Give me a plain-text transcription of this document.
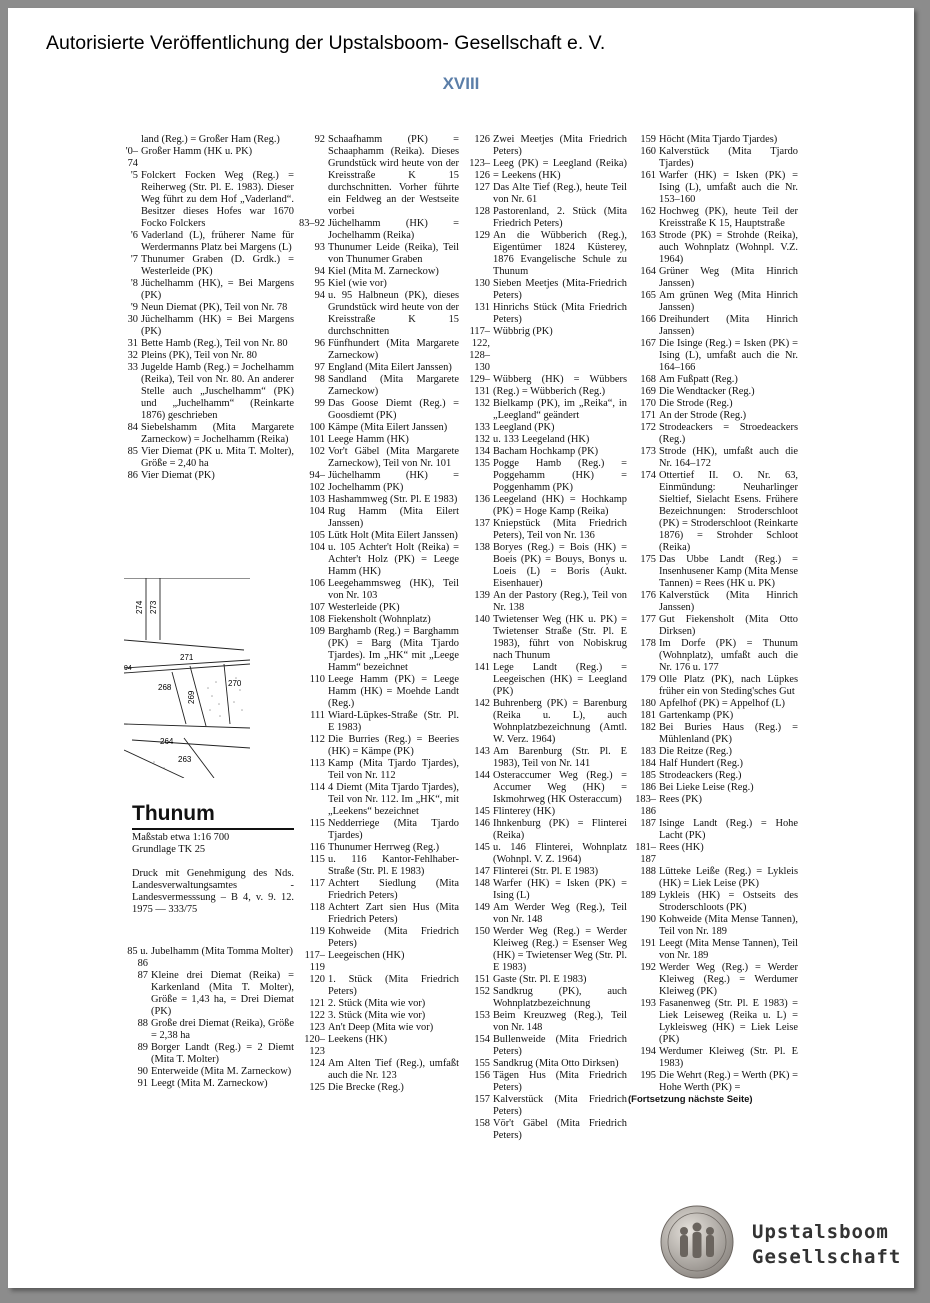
Autorisierte Veröffentlichung der Upstalsboom- Gesellschaft e. V.
XVIII
land (Reg.) = Großer Ham (Reg.)
'0–74
Großer Hamm (HK u. PK)
'5 Folckert Focken Weg (Reg.) = Reiherweg (Str. Pl. E. 1983). Dieser Weg führt zu dem Hof „Vaderland“. Besitzer dieses Hofes war 1670 Focko Folckers
'6 Vaderland (L), früherer Name für Werdermanns Platz bei Margens (L)
'7 Thunumer Graben (D. Grdk.) = Westerleide (PK)
'8 Jüchelhamm (HK), = Bei Margens (PK)
'9 Neun Diemat (PK), Teil von Nr. 78
30 Jüchelhamm (HK) = Bei Margens (PK)
31 Bette Hamb (Reg.), Teil von Nr. 80
32 Pleins (PK), Teil von Nr. 80
33 Jugelde Hamb (Reg.) = Jochelhamm (Reika), Teil von Nr. 80. An anderer Stelle auch „Juschelhamm“ (PK) und „Juchelhamm“ (Reinkarte 1876) geschrieben
84 Siebelshamm (Mita Margarete Zarneckow) = Jochelhamm (Reika)
85 Vier Diemat (PK u. Mita T. Molter), Größe = 2,40 ha
86 Vier Diemat (PK)
274 273
271
268
269
270
264
263
94
Thunum
Maßstab etwa 1:16 700
Grundlage TK 25
Druck mit Genehmigung des Nds. Landesverwaltungsamtes - Landesvermesssung – B 4, v. 9. 12. 1975 — 333/75
85 u. 86
Jubelhamm (Mita Tomma Molter)
87 Kleine drei Diemat (Reika) = Karkenland (Mita T. Molter), Größe = 1,43 ha, = Drei Diemat (PK)
88 Große drei Diemat (Reika), Größe = 2,38 ha
89 Borger Landt (Reg.) = 2 Diemt (Mita T. Molter)
90 Enterweide (Mita M. Zarneckow)
91 Leegt (Mita M. Zarneckow)
92 Schaafhamm (PK) = Schaaphamm (Reika). Dieses Grundstück wird heute von der Kreisstraße K 15 durchschnitten. Vorher führte ein Feldweg an der Westseite vorbei
83–92 Jüchelhamm (HK) = Jochelhamm (Reika)
93 Thunumer Leide (Reika), Teil von Thunumer Graben
94 Kiel (Mita M. Zarneckow)
95 Kiel (wie vor)
94 u. 95 Halbneun (PK), dieses Grundstück wird heute von der Kreisstraße K 15 durchschnitten
96 Fünfhundert (Mita Margarete Zarneckow)
97 England (Mita Eilert Janssen)
98 Sandland (Mita Margarete Zarneckow)
99 Das Goose Diemt (Reg.) = Goosdiemt (PK)
100 Kämpe (Mita Eilert Janssen)
101 Leege Hamm (HK)
102 Vor't Gäbel (Mita Margarete Zarneckow), Teil von Nr. 101
94–102
Jüchelhamm (HK) = Jochelhamm (PK)
103 Hashammweg (Str. Pl. E 1983)
104 Rug Hamm (Mita Eilert Janssen)
105 Lütk Holt (Mita Eilert Janssen)
104 u. 105 Achter't Holt (Reika) = Achter't Holz (PK) = Leege Hamm (HK)
106 Leegehammsweg (HK), Teil von Nr. 103
107 Westerleide (PK)
108 Fiekensholt (Wohnplatz)
109 Barghamb (Reg.) = Barghamm (PK) = Barg (Mita Tjardo Tjardes). Im „HK“ mit „Leege Hamm“ bezeichnet
110 Leege Hamm (PK) = Leege Hamm (HK) = Moehde Landt (Reg.)
111 Wiard-Lüpkes-Straße (Str. Pl. E 1983)
112 Die Burries (Reg.) = Beeries (HK) = Kämpe (PK)
113 Kamp (Mita Tjardo Tjardes), Teil von Nr. 112
114 4 Diemt (Mita Tjardo Tjardes), Teil von Nr. 112. Im „HK“, mit „Leekens“ bezeichnet
115 Nedderriege (Mita Tjardo Tjardes)
116 Thunumer Herrweg (Reg.)
115 u. 116 Kantor-Fehlhaber-Straße (Str. Pl. E 1983)
117 Achtert Siedlung (Mita Friedrich Peters)
118 Achtert Zart sien Hus (Mita Friedrich Peters)
119 Kohweide (Mita Friedrich Peters)
117–119
Leegeischen (HK)
120 1. Stück (Mita Friedrich Peters)
121 2. Stück (Mita wie vor)
122 3. Stück (Mita wie vor)
123 An't Deep (Mita wie vor)
120–123
Leekens (HK)
124 Am Alten Tief (Reg.), umfaßt auch die Nr. 123
125 Die Brecke (Reg.)
126 Zwei Meetjes (Mita Friedrich Peters)
123–126
Leeg (PK) = Leegland (Reika) = Leekens (HK)
127 Das Alte Tief (Reg.), heute Teil von Nr. 61
128 Pastorenland, 2. Stück (Mita Friedrich Peters)
129 An die Wübberich (Reg.), Eigentümer 1824 Küsterey, 1876 Evangelische Schule zu Thunum
130 Sieben Meetjes (Mita-Friedrich Peters)
131 Hinrichs Stück (Mita Friedrich Peters)
117–122, 128–130
Wübbrig (PK)
129–131
Wübberg (HK) = Wübbers (Reg.) = Wübberich (Reg.)
132 Bielkamp (PK), im „Reika“, in „Leegland“ geändert
133 Leegland (PK)
132 u. 133 Leegeland (HK)
134 Bacham Hochkamp (PK)
135 Pogge Hamb (Reg.) = Poggehamm (HK) = Poggenhamm (PK)
136 Leegeland (HK) = Hochkamp (PK) = Hoge Kamp (Reika)
137 Kniepstück (Mita Friedrich Peters), Teil von Nr. 136
138 Boryes (Reg.) = Bois (HK) = Boeis (PK) = Bouys, Bonys u. Loeis (L) = Boris (Aukt. Eisenhauer)
139 An der Pastory (Reg.), Teil von Nr. 138
140 Twietenser Weg (HK u. PK) = Twietenser Straße (Str. Pl. E 1983), führt von Nobiskrug nach Thunum
141 Lege Landt (Reg.) = Leegeischen (HK) = Leegland (PK)
142 Buhrenberg (PK) = Barenburg (Reika u. L), auch Wohnplatzbezeichnung (Amtl. W. Verz. 1964)
143 Am Barenburg (Str. Pl. E 1983), Teil von Nr. 141
144 Osteraccumer Weg (Reg.) = Accumer Weg (HK) = Iskmohrweg (HK Osteraccum)
145 Flinterey (HK)
146 Ihnkenburg (PK) = Flinterei (Reika)
145 u. 146 Flinterei, Wohnplatz (Wohnpl. V. Z. 1964)
147 Flinterei (Str. Pl. E 1983)
148 Warfer (HK) = Isken (PK) = Ising (L)
149 Am Werder Weg (Reg.), Teil von Nr. 148
150 Werder Weg (Reg.) = Werder Kleiweg (Reg.) = Esenser Weg (HK) = Twietenser Weg (Str. Pl. E 1983)
151 Gaste (Str. Pl. E 1983)
152 Sandkrug (PK), auch Wohnplatzbezeichnung
153 Beim Kreuzweg (Reg.), Teil von Nr. 148
154 Bullenweide (Mita Friedrich Peters)
155 Sandkrug (Mita Otto Dirksen)
156 Tägen Hus (Mita Friedrich Peters)
157 Kalverstück (Mita Friedrich Peters)
158 Vör't Gäbel (Mita Friedrich Peters)
159 Höcht (Mita Tjardo Tjardes)
160 Kalverstück (Mita Tjardo Tjardes)
161 Warfer (HK) = Isken (PK) = Ising (L), umfaßt auch die Nr. 153–160
162 Hochweg (PK), heute Teil der Kreisstraße K 15, Hauptstraße
163 Strode (PK) = Strohde (Reika), auch Wohnplatz (Wohnpl. V.Z. 1964)
164 Grüner Weg (Mita Hinrich Janssen)
165 Am grünen Weg (Mita Hinrich Janssen)
166 Dreihundert (Mita Hinrich Janssen)
167 Die Isinge (Reg.) = Isken (PK) = Ising (L), umfaßt auch die Nr. 164–166
168 Am Fußpatt (Reg.)
169 Die Wendtacker (Reg.)
170 Die Strode (Reg.)
171 An der Strode (Reg.)
172 Strodeackers = Stroedeackers (Reg.)
173 Strode (HK), umfaßt auch die Nr. 164–172
174 Ottertief II. O. Nr. 63, Einmündung: Neuharlinger Sieltief, Sielacht Esens. Frühere Bezeichnungen: Stroderschloot (PK) = Stroderschloot (Reinkarte 1876) = Strohder Schloot (Reika)
175 Das Ubbe Landt (Reg.) = Insenhusener Kamp (Mita Mense Tannen) = Rees (HK u. PK)
176 Kalverstück (Mita Hinrich Janssen)
177 Gut Fiekensholt (Mita Otto Dirksen)
178 Im Dorfe (PK) = Thunum (Wohnplatz), umfaßt auch die Nr. 176 u. 177
179 Olle Platz (PK), nach Lüpkes früher ein von Steding'sches Gut
180 Apfelhof (PK) = Appelhof (L)
181 Gartenkamp (PK)
182 Bei Buries Haus (Reg.) = Mühlenland (PK)
183 Die Reitze (Reg.)
184 Half Hundert (Reg.)
185 Strodeackers (Reg.)
186 Bei Lieke Leise (Reg.)
183–186
Rees (PK)
187 Isinge Landt (Reg.) = Hohe Lacht (PK)
181–187
Rees (HK)
188 Lütteke Leiße (Reg.) = Lykleis (HK) = Liek Leise (PK)
189 Lykleis (HK) = Ostseits des Stroderschloots (PK)
190 Kohweide (Mita Mense Tannen), Teil von Nr. 189
191 Leegt (Mita Mense Tannen), Teil von Nr. 189
192 Werder Weg (Reg.) = Werder Kleiweg (Reg.) = Werdumer Kleiweg (PK)
193 Fasanenweg (Str. Pl. E 1983) = Liek Leiseweg (Reika u. L) = Lykleisweg (HK) = Liek Leise (PK)
194 Werdumer Kleiweg (Str. Pl. E 1983)
195 Die Wehrt (Reg.) = Werth (PK) = Hohe Werth (PK) =
(Fortsetzung nächste Seite)
Upstalsboom
Gesellschaft
